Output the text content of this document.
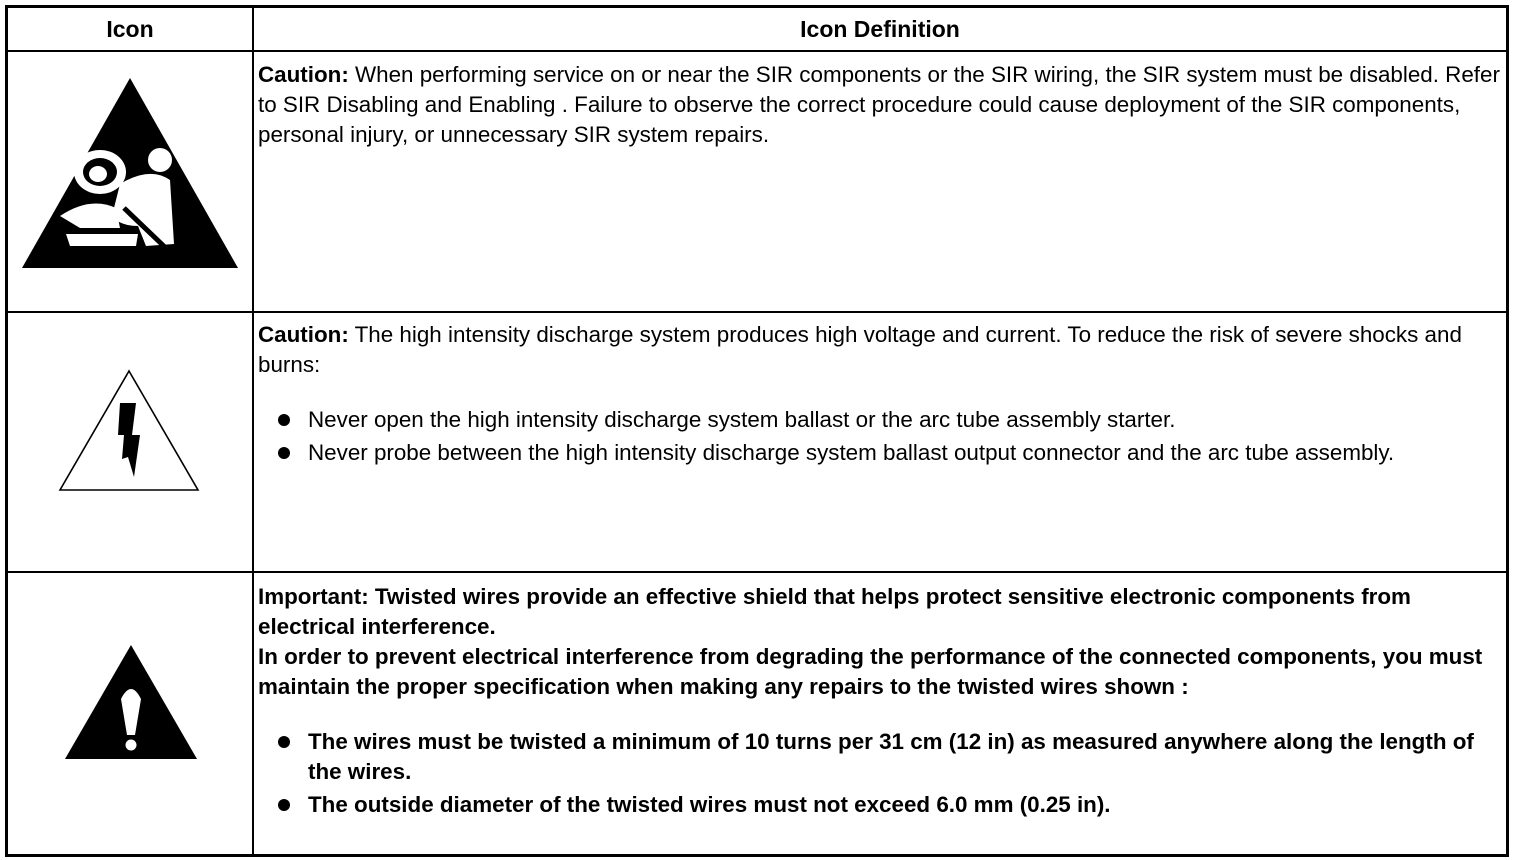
Icon	Icon Definition

Caution: When performing service on or near the SIR components or the SIR wiring, the SIR system must be disabled. Refer to SIR Disabling and Enabling . Failure to observe the correct procedure could cause deployment of the SIR components, personal injury, or unnecessary SIR system repairs.

Caution: The high intensity discharge system produces high voltage and current. To reduce the risk of severe shocks and burns:

Never open the high intensity discharge system ballast or the arc tube assembly starter.
Never probe between the high intensity discharge system ballast output connector and the arc tube assembly.

Important: Twisted wires provide an effective shield that helps protect sensitive electronic components from electrical interference.

In order to prevent electrical interference from degrading the performance of the connected components, you must maintain the proper specification when making any repairs to the twisted wires shown :

The wires must be twisted a minimum of 10 turns per 31 cm (12 in) as measured anywhere along the length of the wires.
The outside diameter of the twisted wires must not exceed 6.0 mm (0.25 in).
